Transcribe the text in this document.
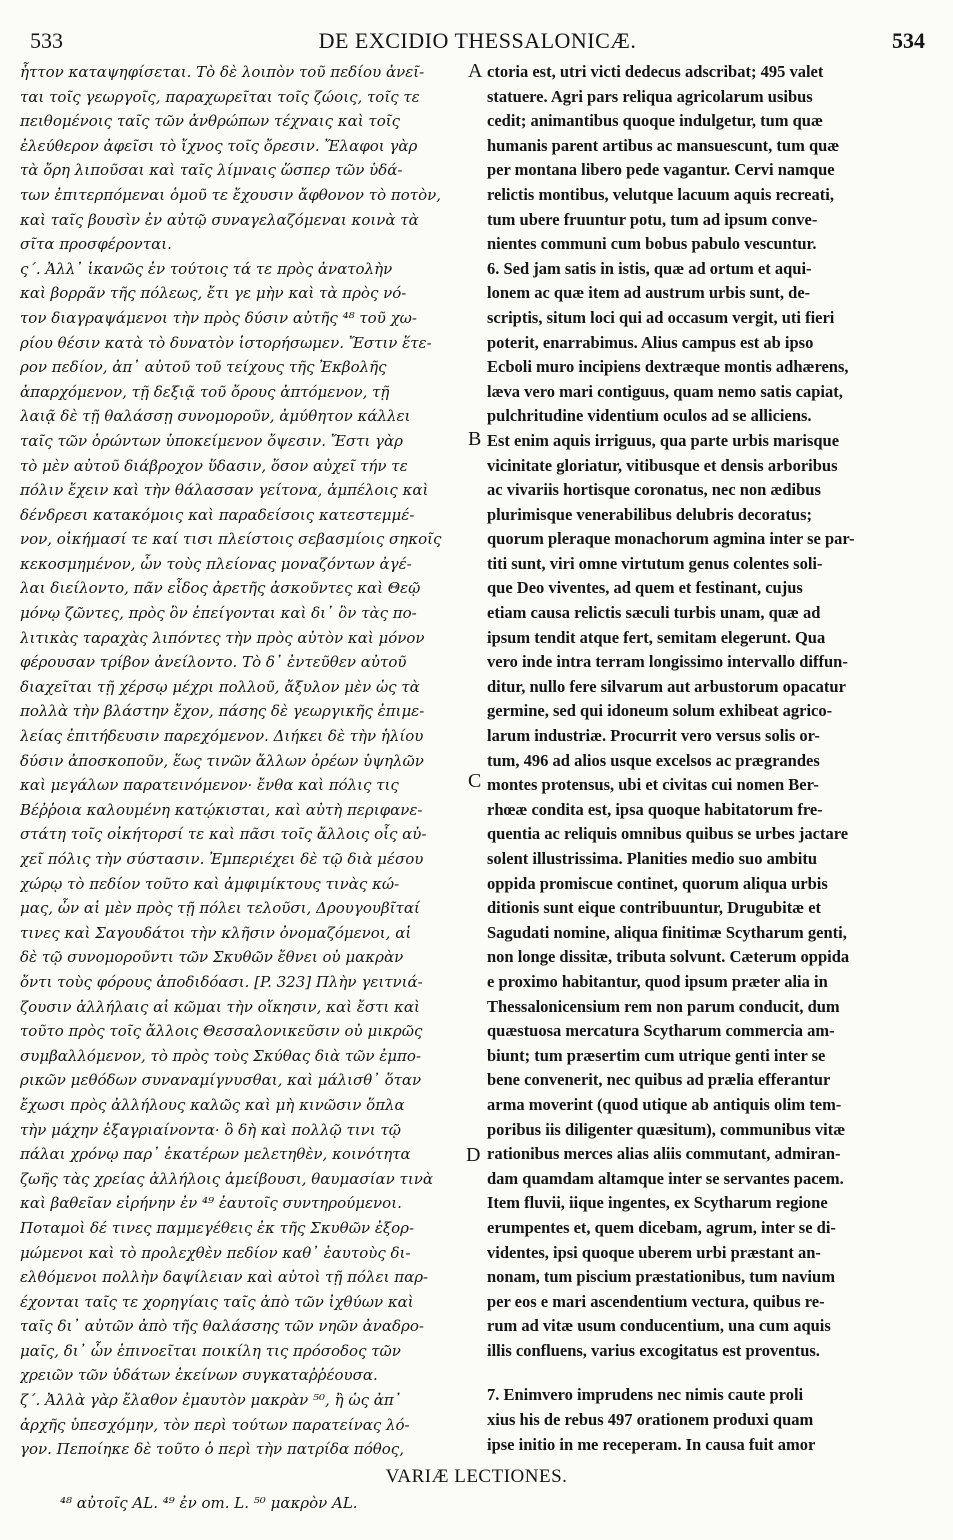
533	DE EXCIDIO THESSALONICÆ.	534
ἧττον καταψηφίσεται. Τὸ δὲ λοιπὸν τοῦ πεδίου ἀνεῖ-
ται τοῖς γεωργοῖς, παραχωρεῖται τοῖς ζώοις, τοῖς τε
πειθομένοις ταῖς τῶν ἀνθρώπων τέχναις καὶ τοῖς
ἐλεύθερον ἀφεῖσι τὸ ἴχνος τοῖς ὄρεσιν. Ἔλαφοι γὰρ
τὰ ὄρη λιποῦσαι καὶ ταῖς λίμναις ὥσπερ τῶν ὑδά-
των ἐπιτερπόμεναι ὁμοῦ τε ἔχουσιν ἄφθονον τὸ ποτὸν,
καὶ ταῖς βουσὶν ἐν αὐτῷ συναγελαζόμεναι κοινὰ τὰ
σῖτα προσφέρονται.
ς΄. Ἀλλ᾽ ἱκανῶς ἐν τούτοις τά τε πρὸς ἀνατολὴν
καὶ βορρᾶν τῆς πόλεως, ἔτι γε μὴν καὶ τὰ πρὸς νό-
τον διαγραψάμενοι τὴν πρὸς δύσιν αὐτῆς ⁴⁸ τοῦ χω-
ρίου θέσιν κατὰ τὸ δυνατὸν ἱστορήσωμεν. Ἔστιν ἕτε-
ρον πεδίον, ἀπ᾽ αὐτοῦ τοῦ τείχους τῆς Ἐκβολῆς
ἀπαρχόμενον, τῇ δεξιᾷ τοῦ ὄρους ἁπτόμενον, τῇ
λαιᾷ δὲ τῇ θαλάσσῃ συνομοροῦν, ἀμύθητον κάλλει
ταῖς τῶν ὁρώντων ὑποκείμενον ὄψεσιν. Ἔστι γὰρ
τὸ μὲν αὐτοῦ διάβροχον ὕδασιν, ὅσον αὐχεῖ τήν τε
πόλιν ἔχειν καὶ τὴν θάλασσαν γείτονα, ἀμπέλοις καὶ
δένδρεσι κατακόμοις καὶ παραδείσοις κατεστεμμέ-
νον, οἰκήμασί τε καί τισι πλείστοις σεβασμίοις σηκοῖς
κεκοσμημένον, ὧν τοὺς πλείονας μοναζόντων ἀγέ-
λαι διείλοντο, πᾶν εἶδος ἀρετῆς ἀσκοῦντες καὶ Θεῷ
μόνῳ ζῶντες, πρὸς ὃν ἐπείγονται καὶ δι᾽ ὃν τὰς πο-
λιτικὰς ταραχὰς λιπόντες τὴν πρὸς αὐτὸν καὶ μόνον
φέρουσαν τρίβον ἀνείλοντο. Τὸ δ᾽ ἐντεῦθεν αὐτοῦ
διαχεῖται τῇ χέρσῳ μέχρι πολλοῦ, ἄξυλον μὲν ὡς τὰ
πολλὰ τὴν βλάστην ἔχον, πάσης δὲ γεωργικῆς ἐπιμε-
λείας ἐπιτήδευσιν παρεχόμενον. Διήκει δὲ τὴν ἡλίου
δύσιν ἀποσκοποῦν, ἕως τινῶν ἄλλων ὀρέων ὑψηλῶν
καὶ μεγάλων παρατεινόμενον· ἔνθα καὶ πόλις τις
Βέῤῥοια καλουμένη κατῴκισται, καὶ αὐτὴ περιφανε-
στάτη τοῖς οἰκήτορσί τε καὶ πᾶσι τοῖς ἄλλοις οἷς αὐ-
χεῖ πόλις τὴν σύστασιν. Ἐμπεριέχει δὲ τῷ διὰ μέσου
χώρῳ τὸ πεδίον τοῦτο καὶ ἀμφιμίκτους τινὰς κώ-
μας, ὧν αἱ μὲν πρὸς τῇ πόλει τελοῦσι, Δρουγουβῖταί
τινες καὶ Σαγουδάτοι τὴν κλῆσιν ὀνομαζόμενοι, αἱ
δὲ τῷ συνομοροῦντι τῶν Σκυθῶν ἔθνει οὐ μακρὰν
ὄντι τοὺς φόρους ἀποδιδόασι. [P. 323] Πλὴν γειτνιά-
ζουσιν ἀλλήλαις αἱ κῶμαι τὴν οἴκησιν, καὶ ἔστι καὶ
τοῦτο πρὸς τοῖς ἄλλοις Θεσσαλονικεῦσιν οὐ μικρῶς
συμβαλλόμενον, τὸ πρὸς τοὺς Σκύθας διὰ τῶν ἐμπο-
ρικῶν μεθόδων συναναμίγνυσθαι, καὶ μάλισθ᾽ ὅταν
ἔχωσι πρὸς ἀλλήλους καλῶς καὶ μὴ κινῶσιν ὅπλα
τὴν μάχην ἐξαγριαίνοντα· ὃ δὴ καὶ πολλῷ τινι τῷ
πάλαι χρόνῳ παρ᾽ ἑκατέρων μελετηθὲν, κοινότητα
ζωῆς τὰς χρείας ἀλλήλοις ἀμείβουσι, θαυμασίαν τινὰ
καὶ βαθεῖαν εἰρήνην ἐν ⁴⁹ ἑαυτοῖς συντηρούμενοι.
Ποταμοὶ δέ τινες παμμεγέθεις ἐκ τῆς Σκυθῶν ἐξορ-
μώμενοι καὶ τὸ προλεχθὲν πεδίον καθ᾽ ἑαυτοὺς δι-
ελθόμενοι πολλὴν δαψίλειαν καὶ αὐτοὶ τῇ πόλει παρ-
έχονται ταῖς τε χορηγίαις ταῖς ἀπὸ τῶν ἰχθύων καὶ
ταῖς δι᾽ αὐτῶν ἀπὸ τῆς θαλάσσης τῶν νηῶν ἀναδρο-
μαῖς, δι᾽ ὧν ἐπινοεῖται ποικίλη τις πρόσοδος τῶν
χρειῶν τῶν ὑδάτων ἐκείνων συγκαταῤῥέουσα.
ζ΄. Ἀλλὰ γὰρ ἔλαθον ἐμαυτὸν μακρὰν ⁵⁰, ἢ ὡς ἀπ᾽
ἀρχῆς ὑπεσχόμην, τὸν περὶ τούτων παρατείνας λό-
γον. Πεποίηκε δὲ τοῦτο ὁ περὶ τὴν πατρίδα πόθος,
ctoria est, utri victi dedecus adscribat; 495 valet
statuere. Agri pars reliqua agricolarum usibus
cedit; animantibus quoque indulgetur, tum quæ
humanis parent artibus ac mansuescunt, tum quæ
per montana libero pede vagantur. Cervi namque
relictis montibus, velutque lacuum aquis recreati,
tum ubere fruuntur potu, tum ad ipsum conve-
nientes communi cum bobus pabulo vescuntur.
6. Sed jam satis in istis, quæ ad ortum et aqui-
lonem ac quæ item ad austrum urbis sunt, de-
scriptis, situm loci qui ad occasum vergit, uti fieri
poterit, enarrabimus. Alius campus est ab ipso
Ecboli muro incipiens dextræque montis adhærens,
læva vero mari contiguus, quam nemo satis capiat,
pulchritudine videntium oculos ad se alliciens.
Est enim aquis irriguus, qua parte urbis marisque
vicinitate gloriatur, vitibusque et densis arboribus
ac vivariis hortisque coronatus, nec non ædibus
plurimisque venerabilibus delubris decoratus;
quorum pleraque monachorum agmina inter se par-
titi sunt, viri omne virtutum genus colentes soli-
que Deo viventes, ad quem et festinant, cujus
etiam causa relictis sæculi turbis unam, quæ ad
ipsum tendit atque fert, semitam elegerunt. Qua
vero inde intra terram longissimo intervallo diffun-
ditur, nullo fere silvarum aut arbustorum opacatur
germine, sed qui idoneum solum exhibeat agrico-
larum industriæ. Procurrit vero versus solis or-
tum, 496 ad alios usque excelsos ac prægrandes
montes protensus, ubi et civitas cui nomen Ber-
rhœæ condita est, ipsa quoque habitatorum fre-
quentia ac reliquis omnibus quibus se urbes jactare
solent illustrissima. Planities medio suo ambitu
oppida promiscue continet, quorum aliqua urbis
ditionis sunt eique contribuuntur, Drugubitæ et
Sagudati nomine, aliqua finitimæ Scytharum genti,
non longe dissitæ, tributa solvunt. Cæterum oppida
e proximo habitantur, quod ipsum præter alia in
Thessalonicensium rem non parum conducit, dum
quæstuosa mercatura Scytharum commercia am-
biunt; tum præsertim cum utrique genti inter se
bene convenerit, nec quibus ad prælia efferantur
arma moverint (quod utique ab antiquis olim tem-
poribus iis diligenter quæsitum), communibus vitæ
rationibus merces alias aliis commutant, admiran-
dam quamdam altamque inter se servantes pacem.
Item fluvii, iique ingentes, ex Scytharum regione
erumpentes et, quem dicebam, agrum, inter se di-
videntes, ipsi quoque uberem urbi præstant an-
nonam, tum piscium præstationibus, tum navium
per eos e mari ascendentium vectura, quibus re-
rum ad vitæ usum conducentium, una cum aquis
illis confluens, varius excogitatus est proventus.
7. Enimvero imprudens nec nimis caute proli
xius his de rebus 497 orationem produxi quam
ipse initio in me receperam. In causa fuit amor
A
B
C
D
VARIÆ LECTIONES.
⁴⁸ αὐτοῖς AL. ⁴⁹ ἐν om. L. ⁵⁰ μακρὸν AL.
